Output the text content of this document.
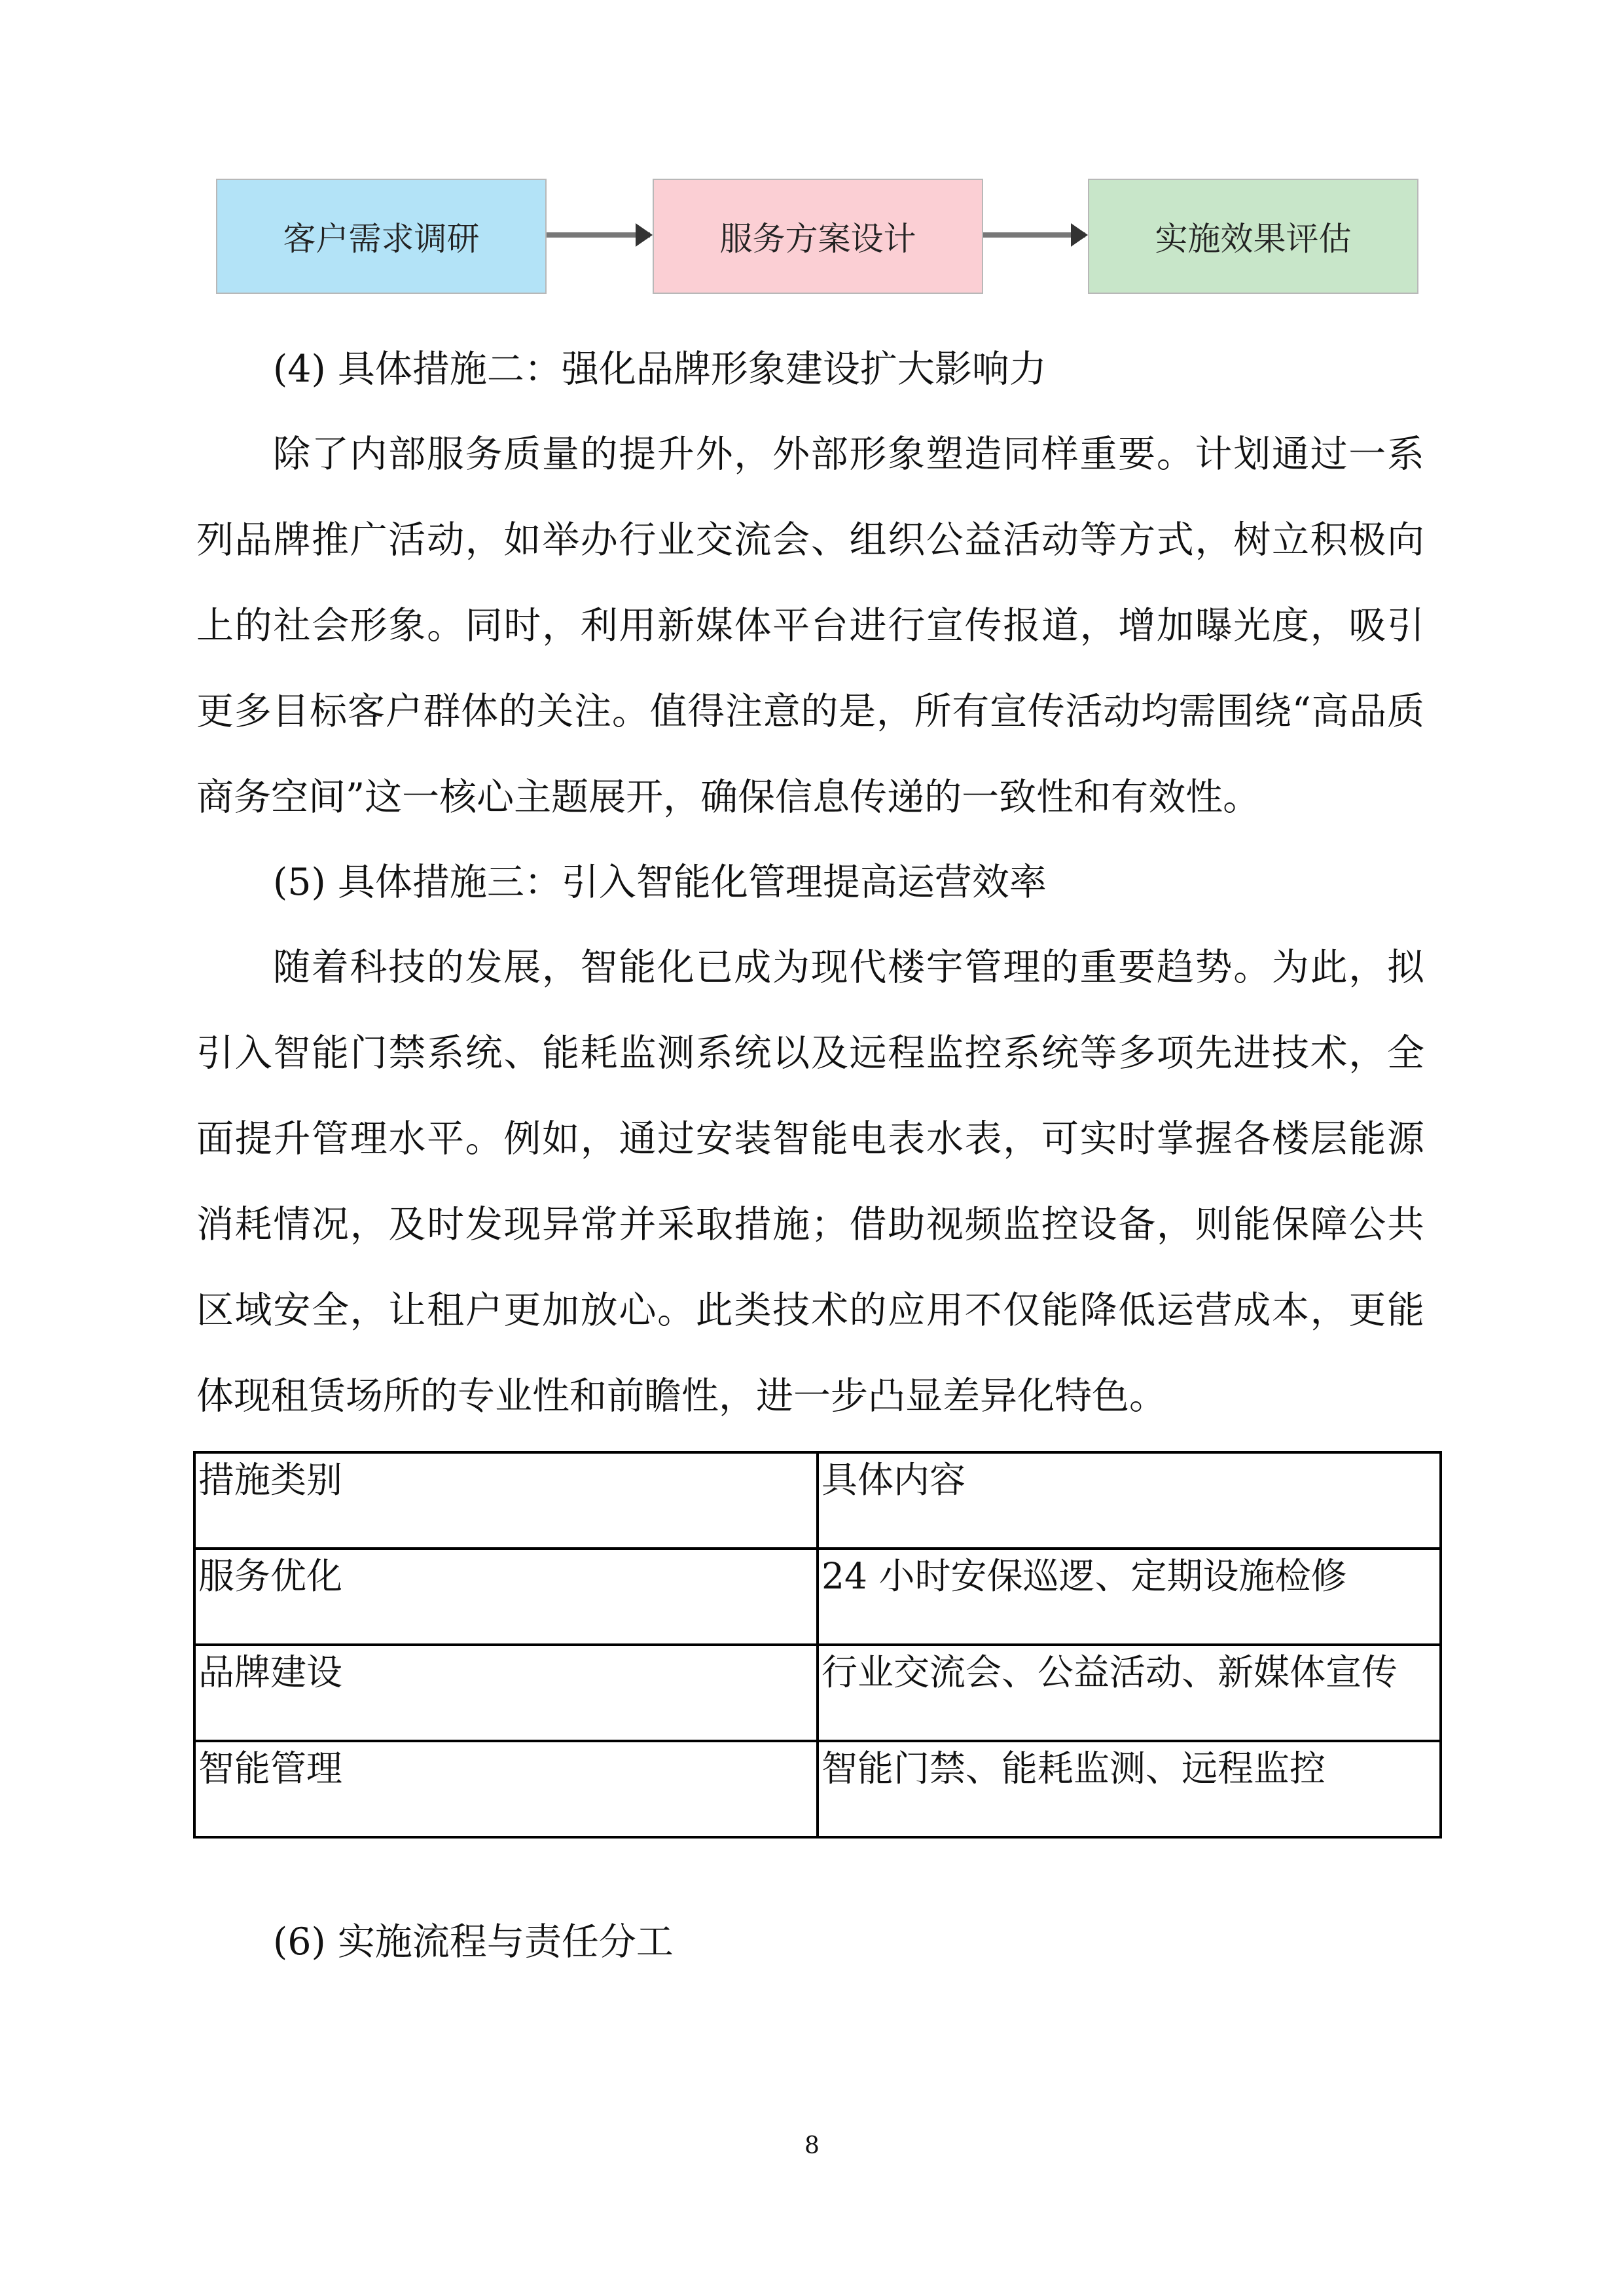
客户需求调研	服务方案设计	实施效果评估
(4) 具体措施二：强化品牌形象建设扩大影响力

除了内部服务质量的提升外，外部形象塑造同样重要。计划通过一系列品牌推广活动，如举办行业交流会、组织公益活动等方式，树立积极向上的社会形象。同时，利用新媒体平台进行宣传报道，增加曝光度，吸引更多目标客户群体的关注。值得注意的是，所有宣传活动均需围绕“高品质商务空间”这一核心主题展开，确保信息传递的一致性和有效性。

(5) 具体措施三：引入智能化管理提高运营效率

随着科技的发展，智能化已成为现代楼宇管理的重要趋势。为此，拟引入智能门禁系统、能耗监测系统以及远程监控系统等多项先进技术，全面提升管理水平。例如，通过安装智能电表水表，可实时掌握各楼层能源消耗情况，及时发现异常并采取措施；借助视频监控设备，则能保障公共区域安全，让租户更加放心。此类技术的应用不仅能降低运营成本，更能体现租赁场所的专业性和前瞻性，进一步凸显差异化特色。

措施类别	具体内容
服务优化	24 小时安保巡逻、定期设施检修
品牌建设	行业交流会、公益活动、新媒体宣传
智能管理	智能门禁、能耗监测、远程监控
(6) 实施流程与责任分工
8
